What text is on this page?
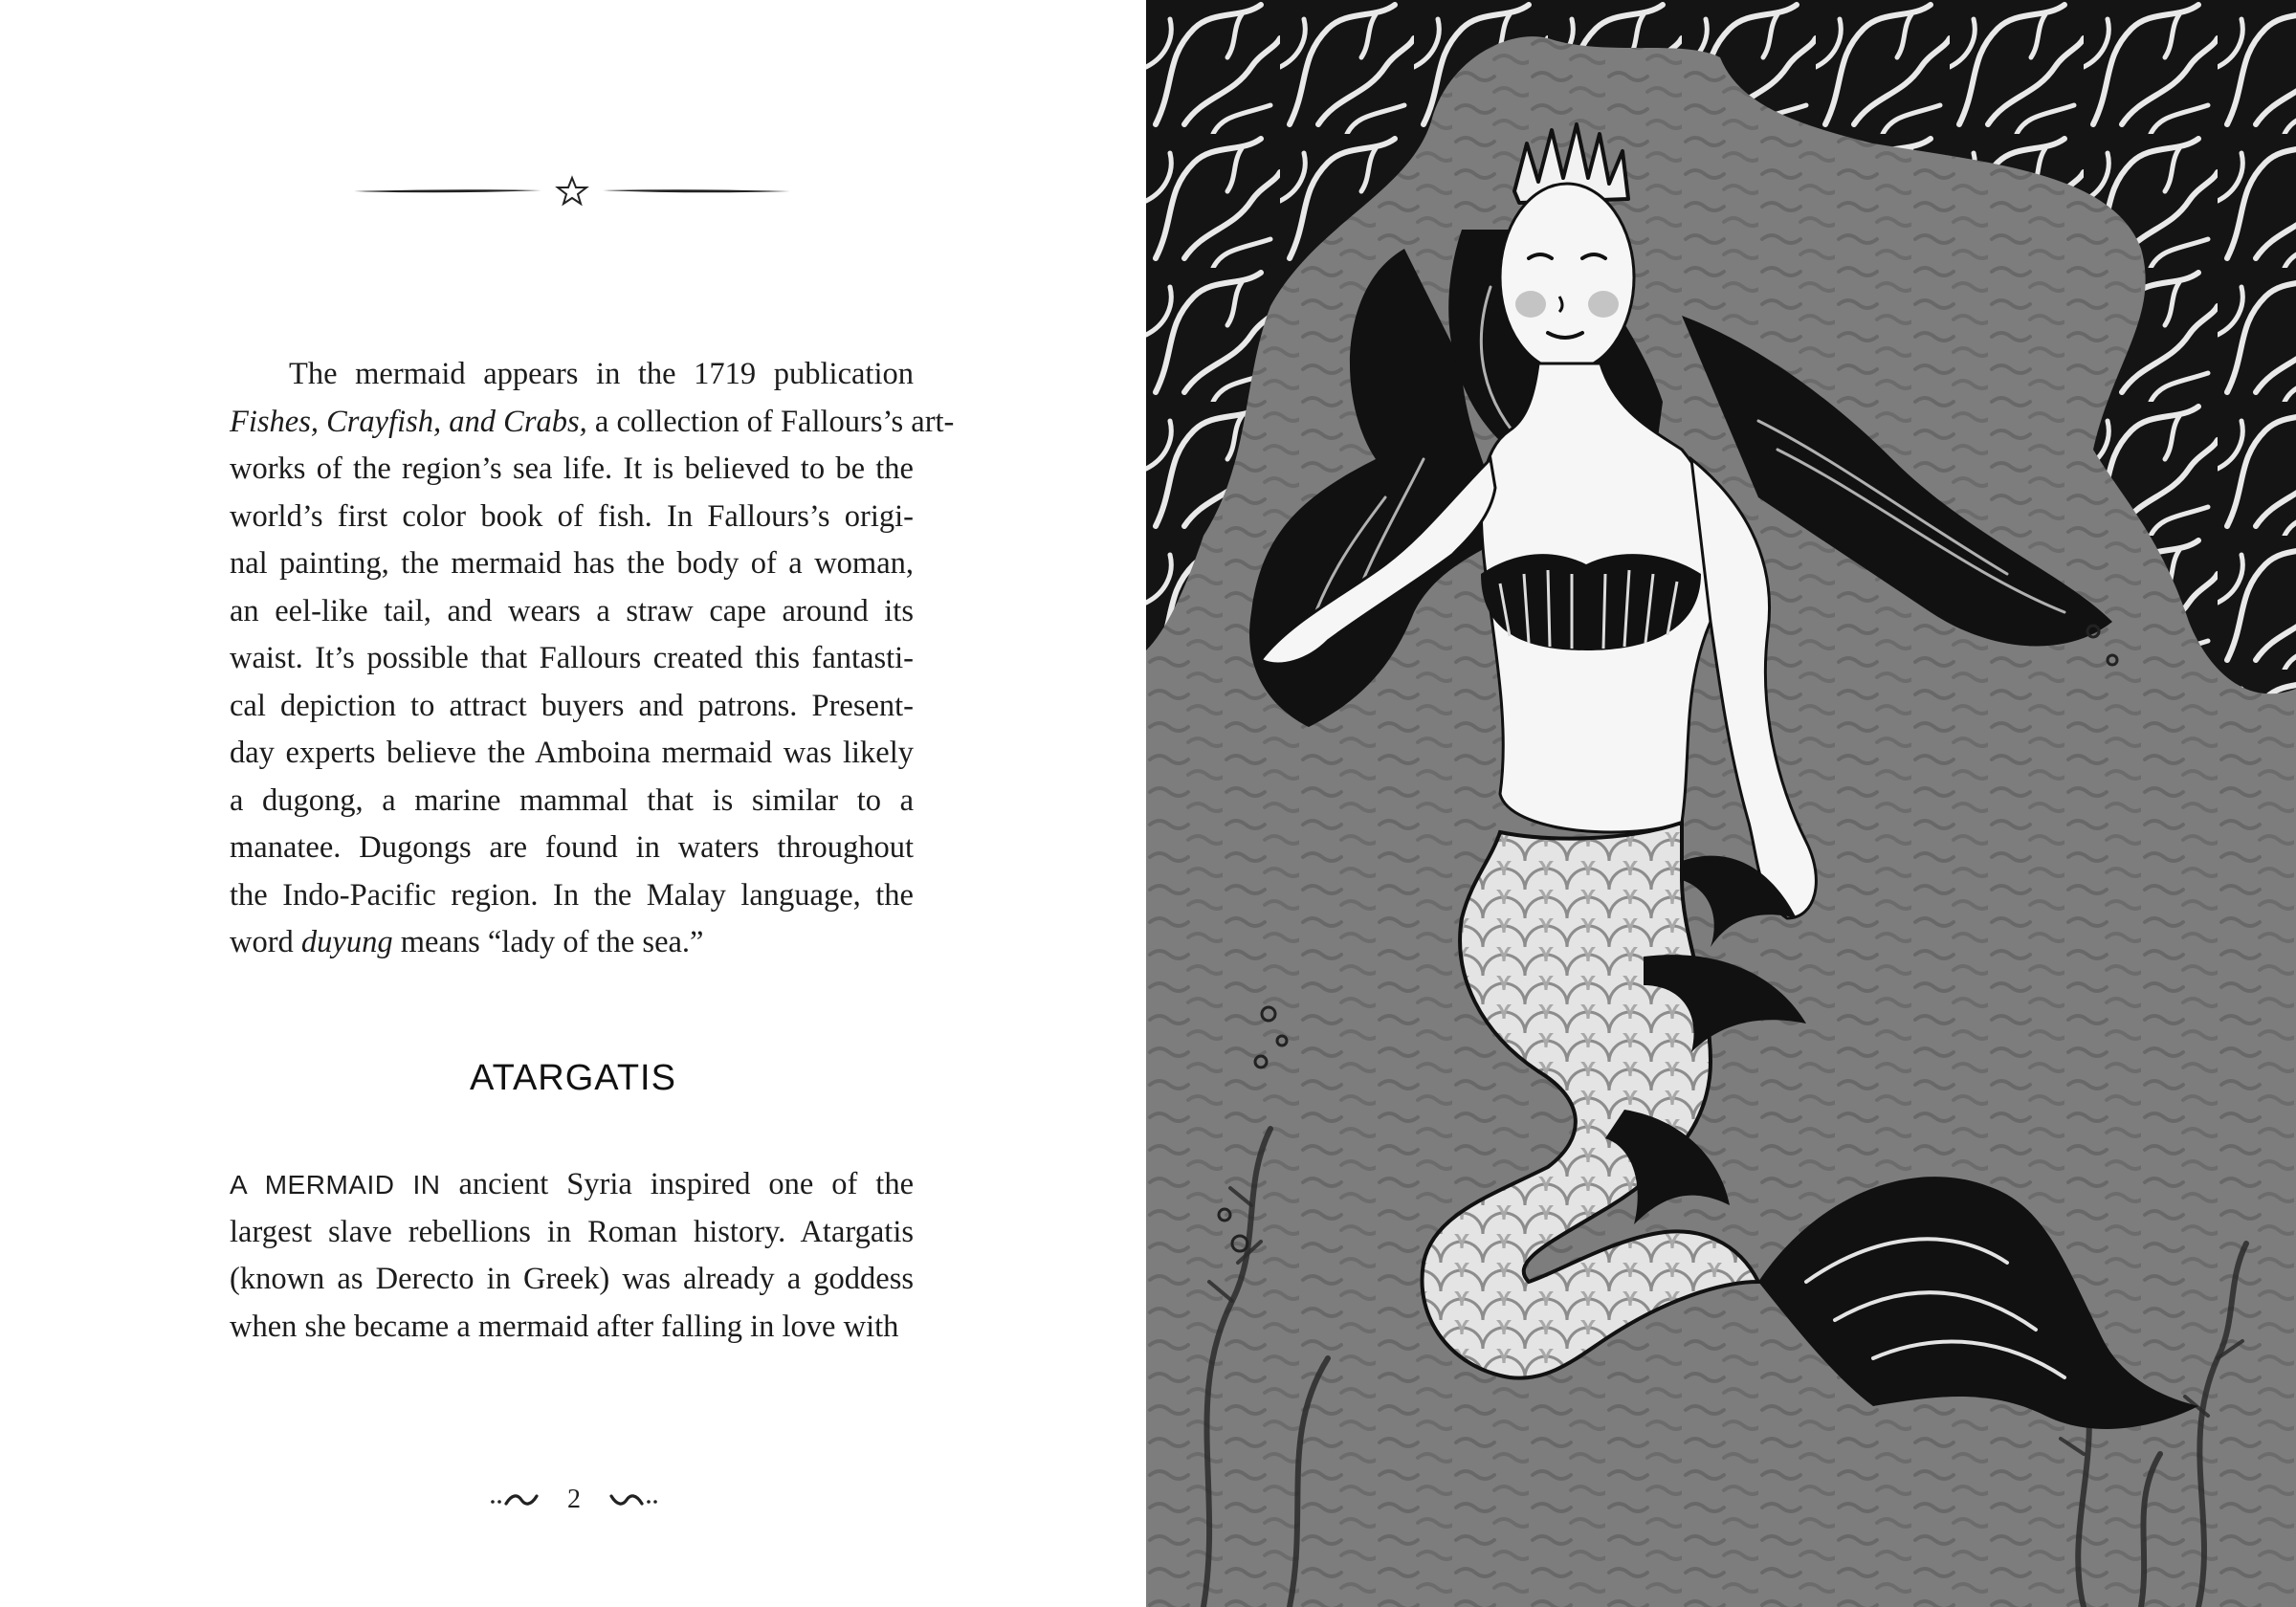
The mermaid appears in the 1719 publication
Fishes, Crayfish, and Crabs, a collection of Fallours’s art-
works of the region’s sea life. It is believed to be the
world’s first color book of fish. In Fallours’s origi-
nal painting, the mermaid has the body of a woman,
an eel-like tail, and wears a straw cape around its
waist. It’s possible that Fallours created this fantasti-
cal depiction to attract buyers and patrons. Present-
day experts believe the Amboina mermaid was likely
a dugong, a marine mammal that is similar to a
manatee. Dugongs are found in waters throughout
the Indo-Pacific region. In the Malay language, the
word duyung means “lady of the sea.”
ATARGATIS
A MERMAID IN ancient Syria inspired one of the
largest slave rebellions in Roman history. Atargatis
(known as Derecto in Greek) was already a goddess
when she became a mermaid after falling in love with
2
